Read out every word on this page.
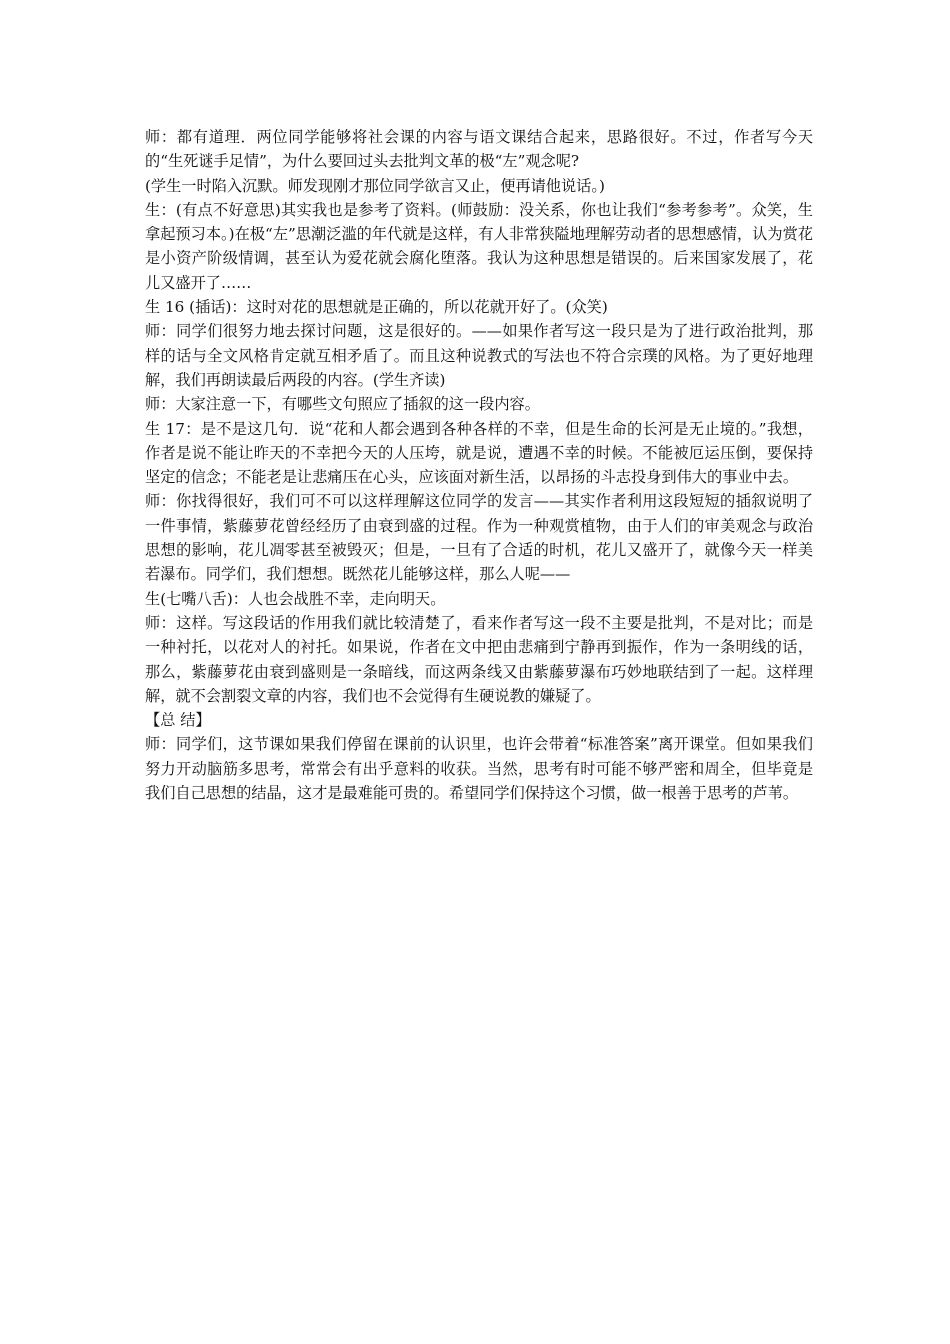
师：都有道理．两位同学能够将社会课的内容与语文课结合起来，思路很好。不过，作者写今天的“生死谜手足情”，为什么要回过头去批判文革的极“左”观念呢?

(学生一时陷入沉默。师发现刚才那位同学欲言又止，便再请他说话。)

生：(有点不好意思)其实我也是参考了资料。(师鼓励：没关系，你也让我们“参考参考”。众笑，生拿起预习本。)在极“左”思潮泛滥的年代就是这样，有人非常狭隘地理解劳动者的思想感情，认为赏花是小资产阶级情调，甚至认为爱花就会腐化堕落。我认为这种思想是错误的。后来国家发展了，花儿又盛开了……

生 16 (插话)：这时对花的思想就是正确的，所以花就开好了。(众笑)

师：同学们很努力地去探讨问题，这是很好的。——如果作者写这一段只是为了进行政治批判，那样的话与全文风格肯定就互相矛盾了。而且这种说教式的写法也不符合宗璞的风格。为了更好地理解，我们再朗读最后两段的内容。(学生齐读)

师：大家注意一下，有哪些文句照应了插叙的这一段内容。

生 17：是不是这几句．说“花和人都会遇到各种各样的不幸，但是生命的长河是无止境的。”我想，作者是说不能让昨天的不幸把今天的人压垮，就是说，遭遇不幸的时候。不能被厄运压倒，要保持坚定的信念；不能老是让悲痛压在心头，应该面对新生活，以昂扬的斗志投身到伟大的事业中去。

师：你找得很好，我们可不可以这样理解这位同学的发言——其实作者利用这段短短的插叙说明了一件事情，紫藤萝花曾经经历了由衰到盛的过程。作为一种观赏植物，由于人们的审美观念与政治思想的影响，花儿凋零甚至被毁灭；但是，一旦有了合适的时机，花儿又盛开了，就像今天一样美若瀑布。同学们，我们想想。既然花儿能够这样，那么人呢——

生(七嘴八舌)：人也会战胜不幸，走向明天。

师：这样。写这段话的作用我们就比较清楚了，看来作者写这一段不主要是批判，不是对比；而是一种衬托，以花对人的衬托。如果说，作者在文中把由悲痛到宁静再到振作，作为一条明线的话，那么，紫藤萝花由衰到盛则是一条暗线，而这两条线又由紫藤萝瀑布巧妙地联结到了一起。这样理解，就不会割裂文章的内容，我们也不会觉得有生硬说教的嫌疑了。

【总 结】

师：同学们，这节课如果我们停留在课前的认识里，也许会带着“标准答案”离开课堂。但如果我们努力开动脑筋多思考，常常会有出乎意料的收获。当然，思考有时可能不够严密和周全，但毕竟是我们自己思想的结晶，这才是最难能可贵的。希望同学们保持这个习惯，做一根善于思考的芦苇。
